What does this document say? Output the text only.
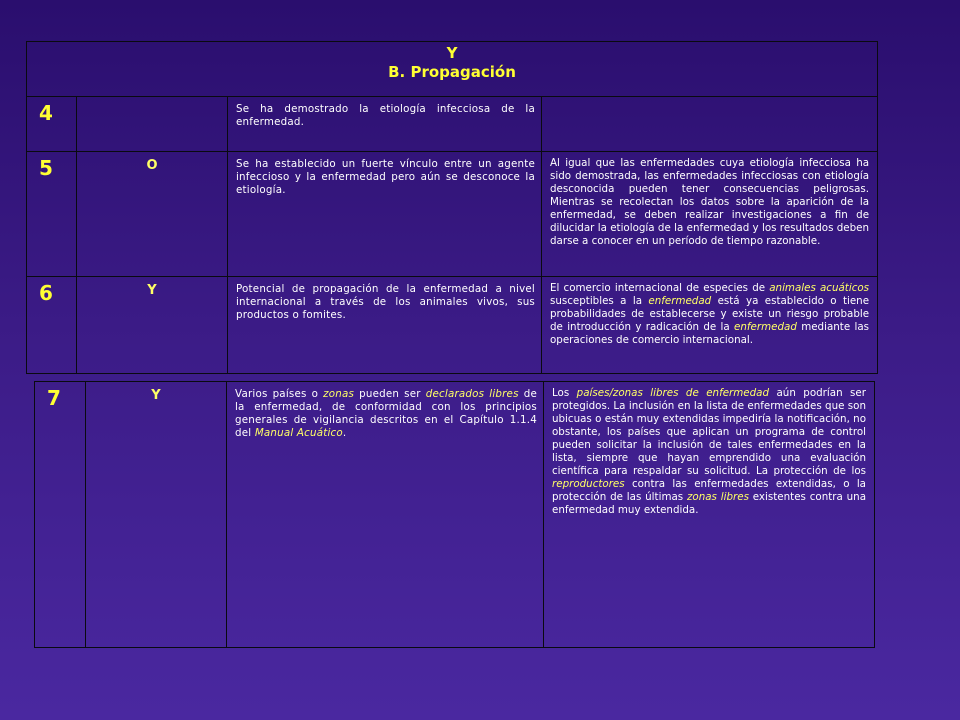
Y
B. Propagación			

4		Se ha demostrado la etiología infecciosa de la enfermedad.	
5	O	Se ha establecido un fuerte vínculo entre un agente infeccioso y la enfermedad pero aún se desconoce la etiología.	Al igual que las enfermedades cuya etiología infecciosa ha sido demostrada, las enfermedades infecciosas con etiología desconocida pueden tener consecuencias peligrosas. Mientras se recolectan los datos sobre la aparición de la enfermedad, se deben realizar investigaciones a fin de dilucidar la etiología de la enfermedad y los resultados deben darse a conocer en un período de tiempo razonable.
6	Y	Potencial de propagación de la enfermedad a nivel internacional a través de los animales vivos, sus productos o fomites.	El comercio internacional de especies de animales acuáticos susceptibles a la enfermedad está ya establecido o tiene probabilidades de establecerse y existe un riesgo probable de introducción y radicación de la enfermedad mediante las operaciones de comercio internacional.
7	Y	Varios países o zonas pueden ser declarados libres de la enfermedad, de conformidad con los principios generales de vigilancia descritos en el Capítulo 1.1.4 del Manual Acuático.	Los países/zonas libres de enfermedad aún podrían ser protegidos. La inclusión en la lista de enfermedades que son ubicuas o están muy extendidas impediría la notificación, no obstante, los países que aplican un programa de control pueden solicitar la inclusión de tales enfermedades en la lista, siempre que hayan emprendido una evaluación científica para respaldar su solicitud. La protección de los reproductores contra las enfermedades extendidas, o la protección de las últimas zonas libres existentes contra una enfermedad muy extendida.
